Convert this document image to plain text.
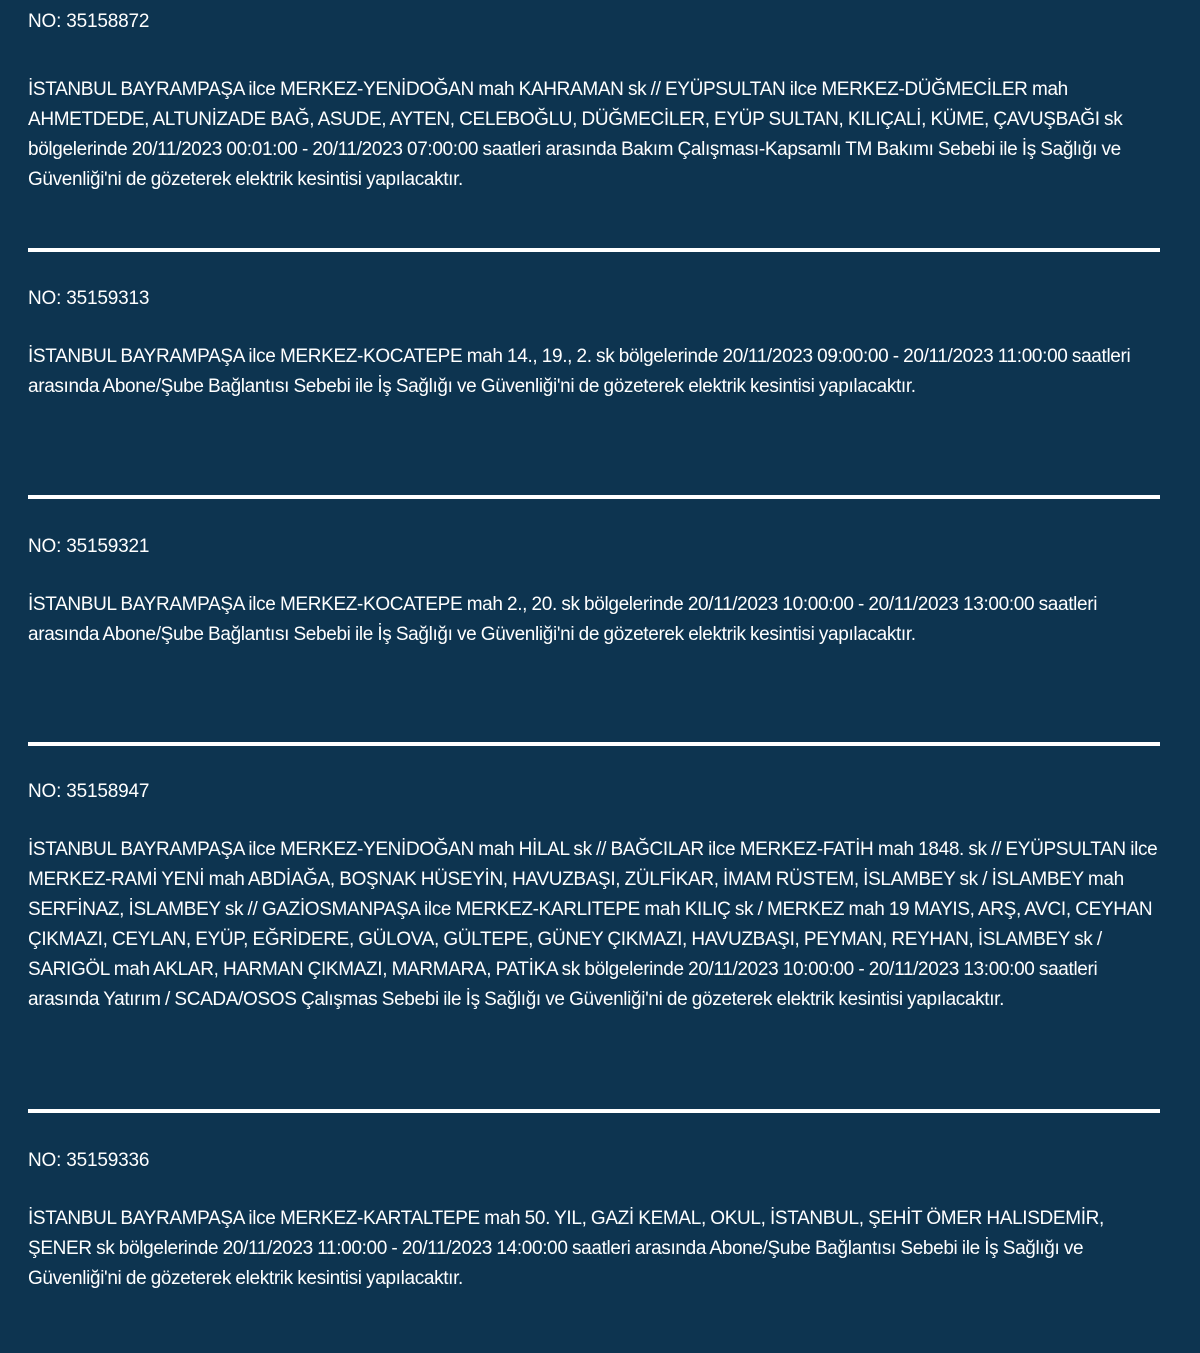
NO: 35158872
İSTANBUL BAYRAMPAŞA ilce MERKEZ-YENİDOĞAN mah KAHRAMAN sk // EYÜPSULTAN ilce MERKEZ-DÜĞMECİLER mah AHMETDEDE, ALTUNİZADE BAĞ, ASUDE, AYTEN, CELEBOĞLU, DÜĞMECİLER, EYÜP SULTAN, KILIÇALİ, KÜME, ÇAVUŞBAĞI sk bölgelerinde 20/11/2023 00:01:00 - 20/11/2023 07:00:00 saatleri arasında Bakım Çalışması-Kapsamlı TM Bakımı Sebebi ile İş Sağlığı ve Güvenliği'ni de gözeterek elektrik kesintisi yapılacaktır.
NO: 35159313
İSTANBUL BAYRAMPAŞA ilce MERKEZ-KOCATEPE mah 14., 19., 2. sk bölgelerinde 20/11/2023 09:00:00 - 20/11/2023 11:00:00 saatleri arasında Abone/Şube Bağlantısı Sebebi ile İş Sağlığı ve Güvenliği'ni de gözeterek elektrik kesintisi yapılacaktır.
NO: 35159321
İSTANBUL BAYRAMPAŞA ilce MERKEZ-KOCATEPE mah 2., 20. sk bölgelerinde 20/11/2023 10:00:00 - 20/11/2023 13:00:00 saatleri arasında Abone/Şube Bağlantısı Sebebi ile İş Sağlığı ve Güvenliği'ni de gözeterek elektrik kesintisi yapılacaktır.
NO: 35158947
İSTANBUL BAYRAMPAŞA ilce MERKEZ-YENİDOĞAN mah HİLAL sk // BAĞCILAR ilce MERKEZ-FATİH mah 1848. sk // EYÜPSULTAN ilce MERKEZ-RAMİ YENİ mah ABDİAĞA, BOŞNAK HÜSEYİN, HAVUZBAŞI, ZÜLFİKAR, İMAM RÜSTEM, İSLAMBEY sk / İSLAMBEY mah SERFİNAZ, İSLAMBEY sk // GAZİOSMANPAŞA ilce MERKEZ-KARLITEPE mah KILIÇ sk / MERKEZ mah 19 MAYIS, ARŞ, AVCI, CEYHAN ÇIKMAZI, CEYLAN, EYÜP, EĞRİDERE, GÜLOVA, GÜLTEPE, GÜNEY ÇIKMAZI, HAVUZBAŞI, PEYMAN, REYHAN, İSLAMBEY sk / SARIGÖL mah AKLAR, HARMAN ÇIKMAZI, MARMARA, PATİKA sk bölgelerinde 20/11/2023 10:00:00 - 20/11/2023 13:00:00 saatleri arasında Yatırım / SCADA/OSOS Çalışmas Sebebi ile İş Sağlığı ve Güvenliği'ni de gözeterek elektrik kesintisi yapılacaktır.
NO: 35159336
İSTANBUL BAYRAMPAŞA ilce MERKEZ-KARTALTEPE mah 50. YIL, GAZİ KEMAL, OKUL, İSTANBUL, ŞEHİT ÖMER HALISDEMİR, ŞENER sk bölgelerinde 20/11/2023 11:00:00 - 20/11/2023 14:00:00 saatleri arasında Abone/Şube Bağlantısı Sebebi ile İş Sağlığı ve Güvenliği'ni de gözeterek elektrik kesintisi yapılacaktır.
